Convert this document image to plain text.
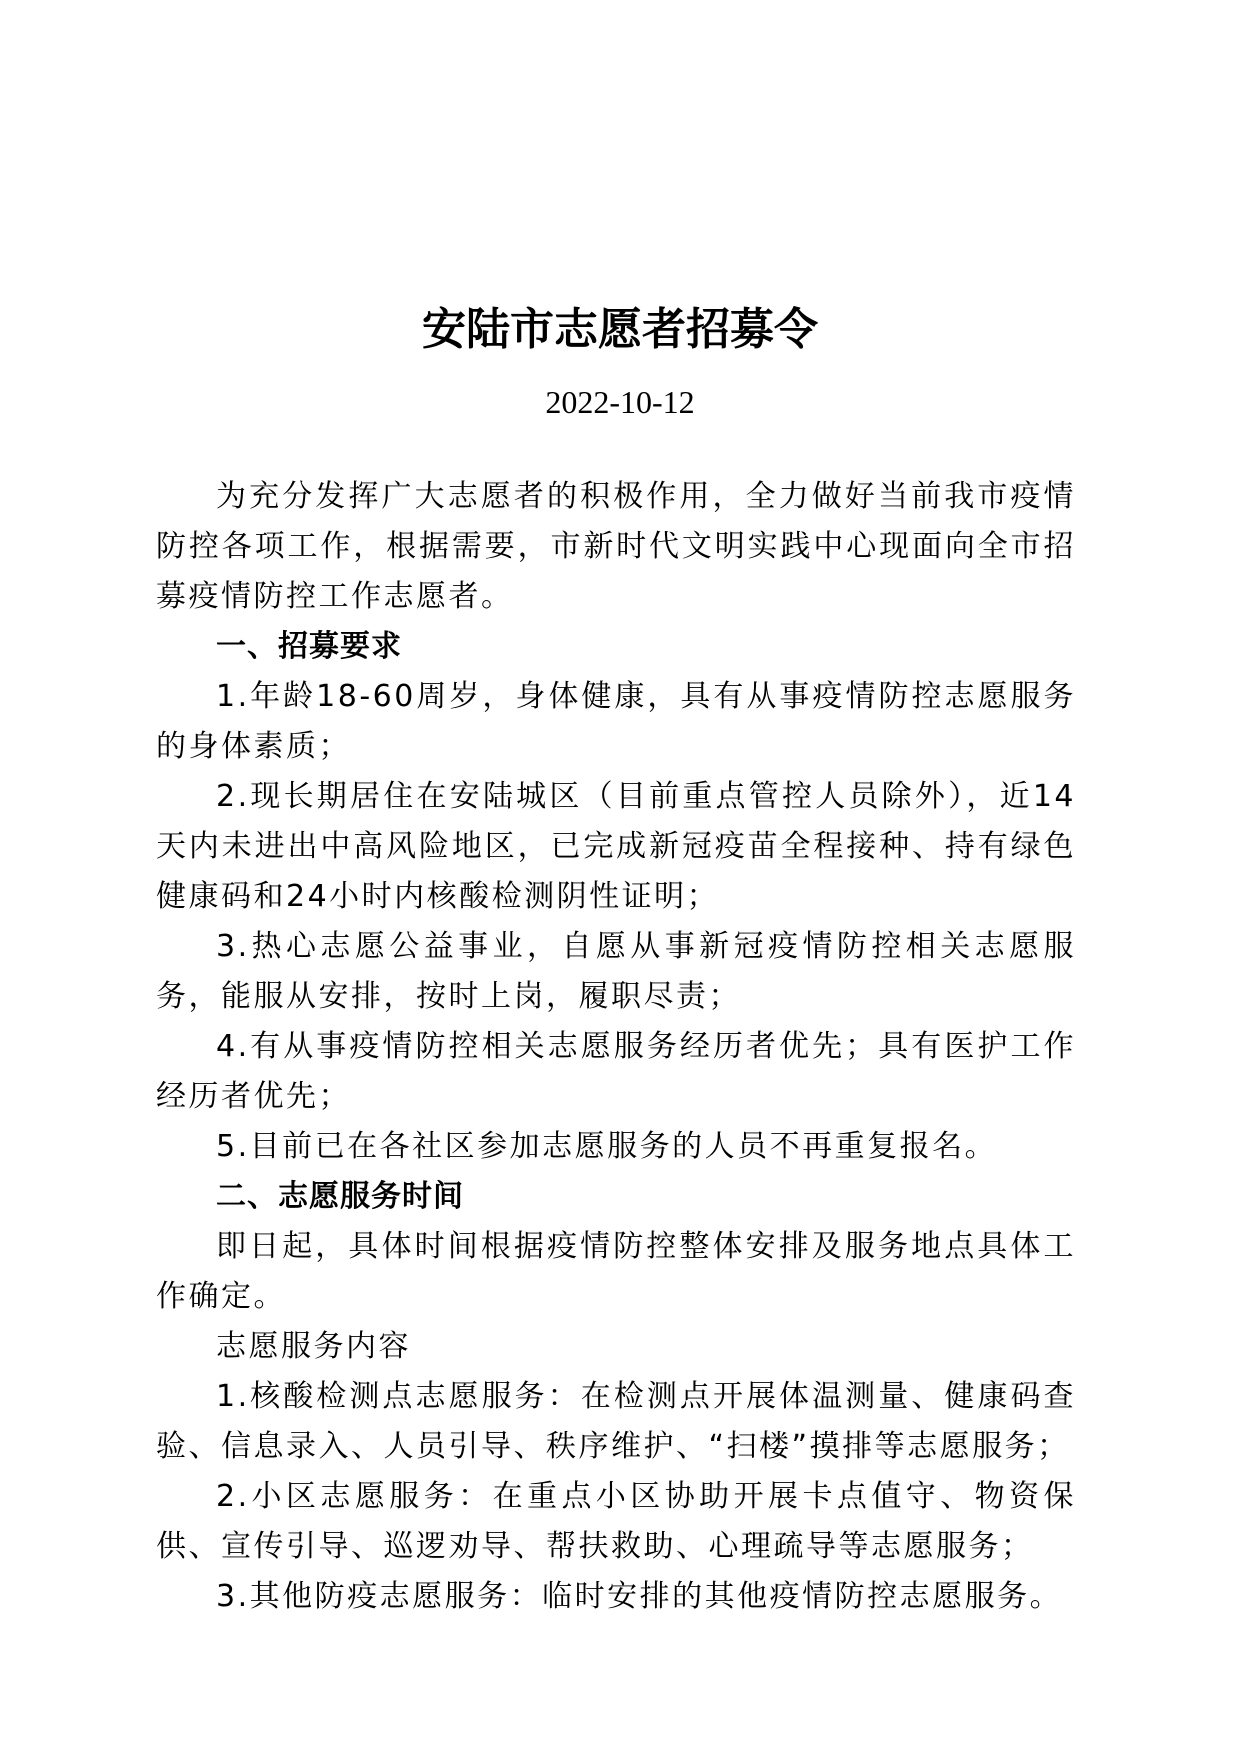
安陆市志愿者招募令
2022-10-12

为充分发挥广大志愿者的积极作用，全力做好当前我市疫情防控各项工作，根据需要，市新时代文明实践中心现面向全市招募疫情防控工作志愿者。

一、招募要求

1.年龄18-60周岁，身体健康，具有从事疫情防控志愿服务的身体素质；

2.现长期居住在安陆城区（目前重点管控人员除外），近14天内未进出中高风险地区，已完成新冠疫苗全程接种、持有绿色健康码和24小时内核酸检测阴性证明；

3.热心志愿公益事业，自愿从事新冠疫情防控相关志愿服务，能服从安排，按时上岗，履职尽责；

4.有从事疫情防控相关志愿服务经历者优先；具有医护工作经历者优先；

5.目前已在各社区参加志愿服务的人员不再重复报名。

二、志愿服务时间

即日起，具体时间根据疫情防控整体安排及服务地点具体工作确定。

志愿服务内容

1.核酸检测点志愿服务：在检测点开展体温测量、健康码查验、信息录入、人员引导、秩序维护、“扫楼”摸排等志愿服务；

2.小区志愿服务：在重点小区协助开展卡点值守、物资保供、宣传引导、巡逻劝导、帮扶救助、心理疏导等志愿服务；

3.其他防疫志愿服务：临时安排的其他疫情防控志愿服务。
